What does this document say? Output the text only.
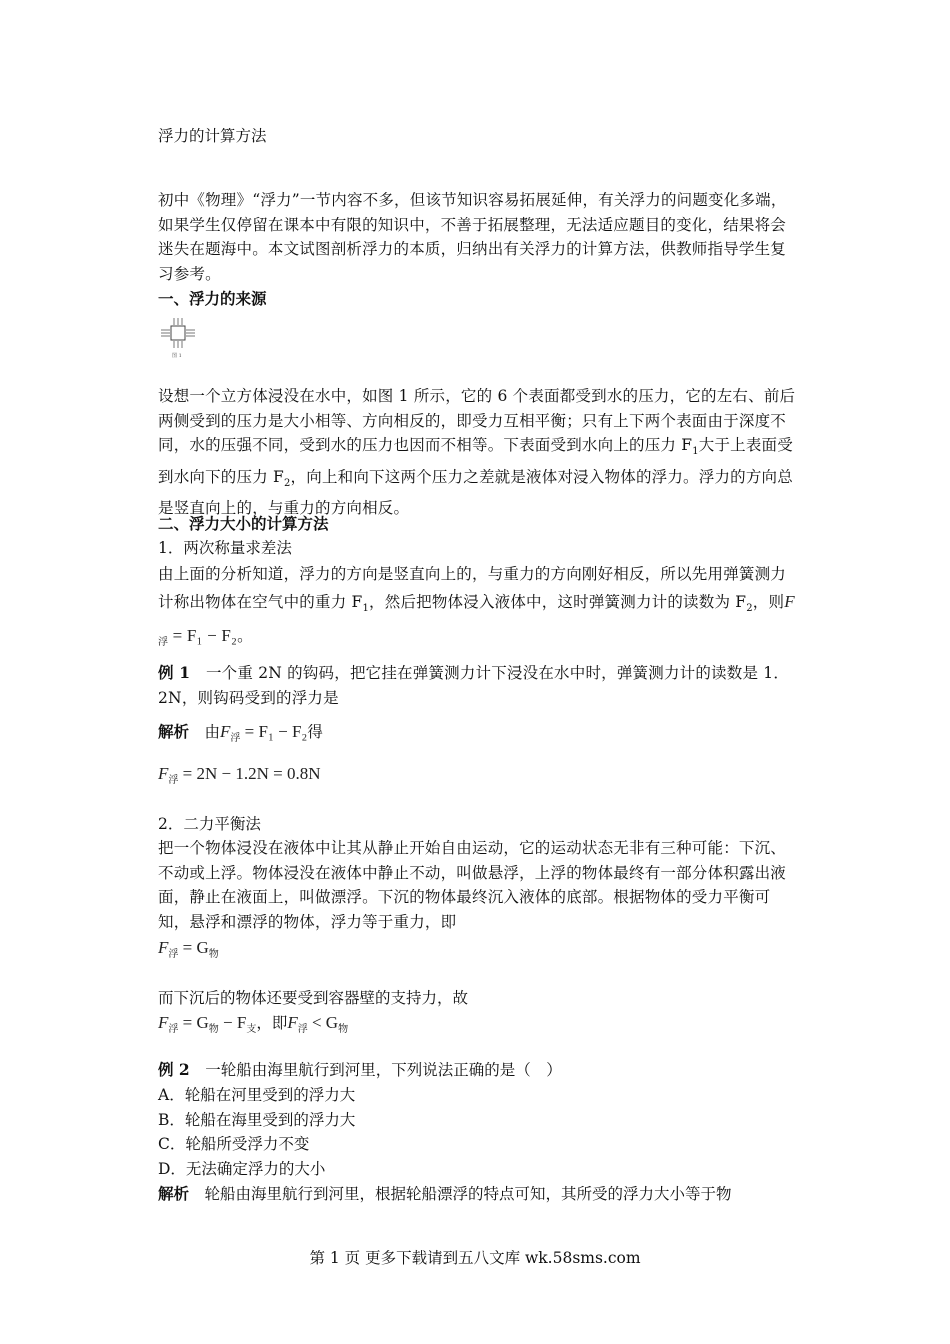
浮力的计算方法
初中《物理》“浮力”一节内容不多，但该节知识容易拓展延伸，有关浮力的问题变化多端，如果学生仅停留在课本中有限的知识中，不善于拓展整理，无法适应题目的变化，结果将会迷失在题海中。本文试图剖析浮力的本质，归纳出有关浮力的计算方法，供教师指导学生复习参考。
一、浮力的来源
图 1
设想一个立方体浸没在水中，如图 1 所示，它的 6 个表面都受到水的压力，它的左右、前后两侧受到的压力是大小相等、方向相反的，即受力互相平衡；只有上下两个表面由于深度不同，水的压强不同，受到水的压力也因而不相等。下表面受到水向上的压力 $F_1$大于上表面受到水向下的压力 $F_2$，向上和向下这两个压力之差就是液体对浸入物体的浮力。浮力的方向总是竖直向上的，与重力的方向相反。
二、浮力大小的计算方法
1．两次称量求差法
由上面的分析知道，浮力的方向是竖直向上的，与重力的方向刚好相反，所以先用弹簧测力计称出物体在空气中的重力 $F_1$，然后把物体浸入液体中，这时弹簧测力计的读数为 $F_2$，则$F_浮 = F_1 - F_2$。
例 1　一个重 2N 的钩码，把它挂在弹簧测力计下浸没在水中时，弹簧测力计的读数是 1．2N，则钩码受到的浮力是
解析　由$F_浮 = F_1 - F_2$得
$F_浮 = 2N - 1.2N = 0.8N$
2．二力平衡法
把一个物体浸没在液体中让其从静止开始自由运动，它的运动状态无非有三种可能：下沉、不动或上浮。物体浸没在液体中静止不动，叫做悬浮，上浮的物体最终有一部分体积露出液面，静止在液面上，叫做漂浮。下沉的物体最终沉入液体的底部。根据物体的受力平衡可知，悬浮和漂浮的物体，浮力等于重力，即
$F_浮 = G_物$
而下沉后的物体还要受到容器壁的支持力，故
$F_浮 = G_物 - F_支$，即$F_浮 < G_物$
例 2　一轮船由海里航行到河里，下列说法正确的是（　）
A．轮船在河里受到的浮力大
B．轮船在海里受到的浮力大
C．轮船所受浮力不变
D．无法确定浮力的大小
解析　轮船由海里航行到河里，根据轮船漂浮的特点可知，其所受的浮力大小等于物
第 1 页 更多下载请到五八文库 wk.58sms.com
